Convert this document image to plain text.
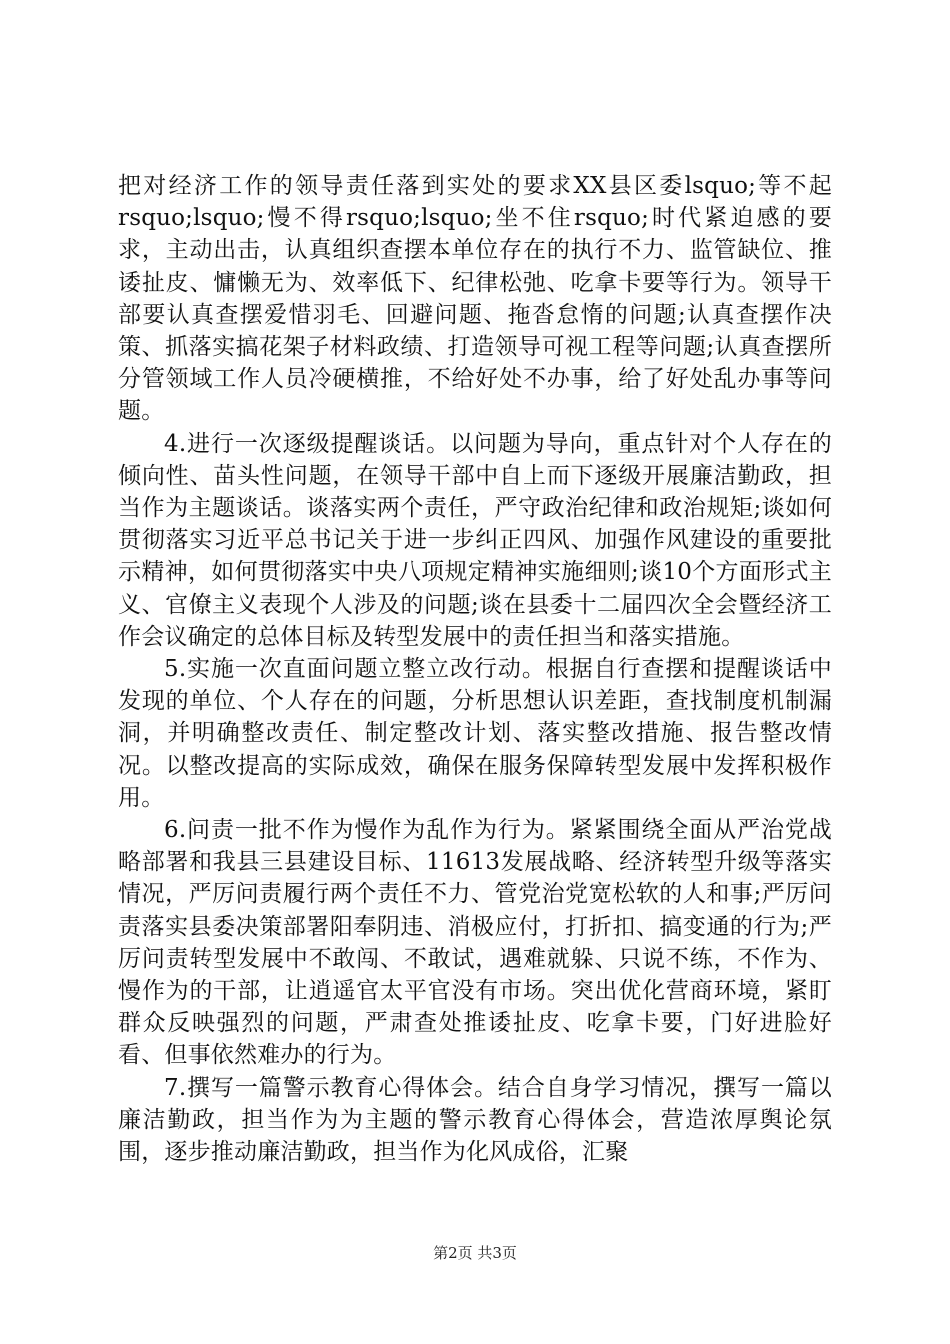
把对经济工作的领导责任落到实处的要求XX县区委lsquo;等不起rsquo;lsquo;慢不得rsquo;lsquo;坐不住rsquo;时代紧迫感的要求，主动出击，认真组织查摆本单位存在的执行不力、监管缺位、推诿扯皮、慵懒无为、效率低下、纪律松弛、吃拿卡要等行为。领导干部要认真查摆爱惜羽毛、回避问题、拖沓怠惰的问题;认真查摆作决策、抓落实搞花架子材料政绩、打造领导可视工程等问题;认真查摆所分管领域工作人员冷硬横推，不给好处不办事，给了好处乱办事等问题。

4.进行一次逐级提醒谈话。以问题为导向，重点针对个人存在的倾向性、苗头性问题，在领导干部中自上而下逐级开展廉洁勤政，担当作为主题谈话。谈落实两个责任，严守政治纪律和政治规矩;谈如何贯彻落实习近平总书记关于进一步纠正四风、加强作风建设的重要批示精神，如何贯彻落实中央八项规定精神实施细则;谈10个方面形式主义、官僚主义表现个人涉及的问题;谈在县委十二届四次全会暨经济工作会议确定的总体目标及转型发展中的责任担当和落实措施。

5.实施一次直面问题立整立改行动。根据自行查摆和提醒谈话中发现的单位、个人存在的问题，分析思想认识差距，查找制度机制漏洞，并明确整改责任、制定整改计划、落实整改措施、报告整改情况。以整改提高的实际成效，确保在服务保障转型发展中发挥积极作用。

6.问责一批不作为慢作为乱作为行为。紧紧围绕全面从严治党战略部署和我县三县建设目标、11613发展战略、经济转型升级等落实情况，严厉问责履行两个责任不力、管党治党宽松软的人和事;严厉问责落实县委决策部署阳奉阴违、消极应付，打折扣、搞变通的行为;严厉问责转型发展中不敢闯、不敢试，遇难就躲、只说不练，不作为、慢作为的干部，让逍遥官太平官没有市场。突出优化营商环境，紧盯群众反映强烈的问题，严肃查处推诿扯皮、吃拿卡要，门好进脸好看、但事依然难办的行为。

7.撰写一篇警示教育心得体会。结合自身学习情况，撰写一篇以廉洁勤政，担当作为为主题的警示教育心得体会，营造浓厚舆论氛围，逐步推动廉洁勤政，担当作为化风成俗，汇聚

第2页 共3页
